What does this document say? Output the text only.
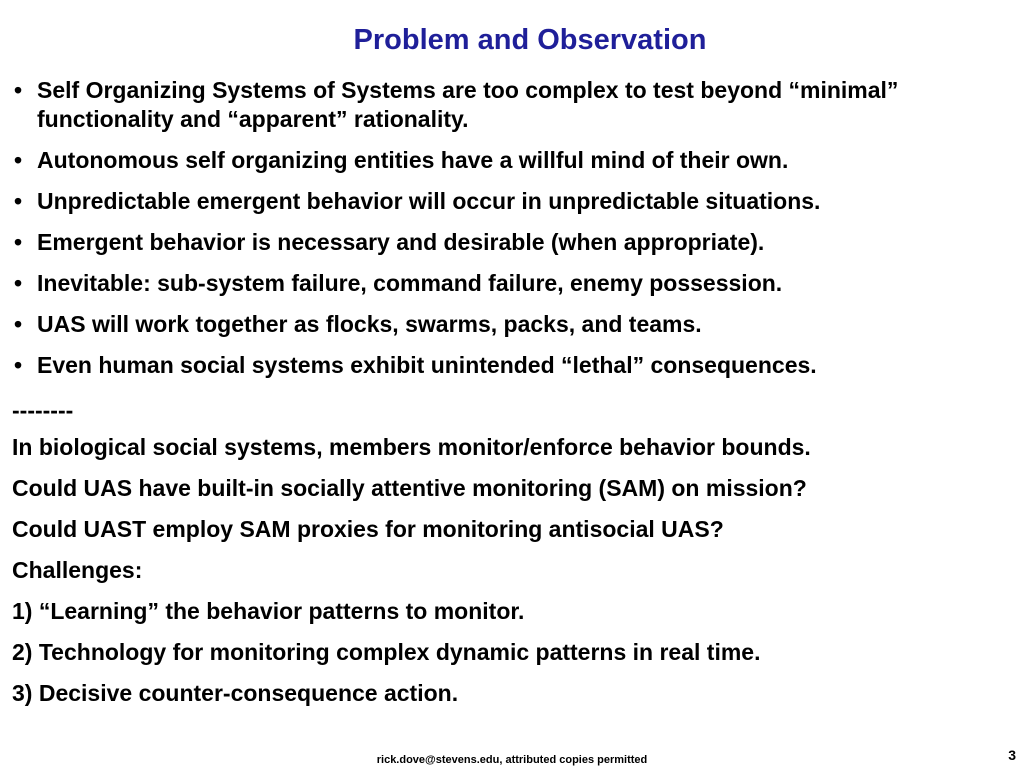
Problem and Observation
• Self Organizing Systems of Systems are too complex to test beyond “minimal” functionality and “apparent” rationality.
• Autonomous self organizing entities have a willful mind of their own.
• Unpredictable emergent behavior will occur in unpredictable situations.
• Emergent behavior is necessary and desirable (when appropriate).
• Inevitable: sub-system failure, command failure, enemy possession.
• UAS will work together as flocks, swarms, packs, and teams.
• Even human social systems exhibit unintended “lethal” consequences.
--------
In biological social systems, members monitor/enforce behavior bounds.
Could UAS have built-in socially attentive monitoring (SAM) on mission?
Could UAST employ SAM proxies for monitoring antisocial UAS?
Challenges:
1) “Learning” the behavior patterns to monitor.
2) Technology for monitoring complex dynamic patterns in real time.
3) Decisive counter-consequence action.
rick.dove@stevens.edu, attributed copies permitted	3
